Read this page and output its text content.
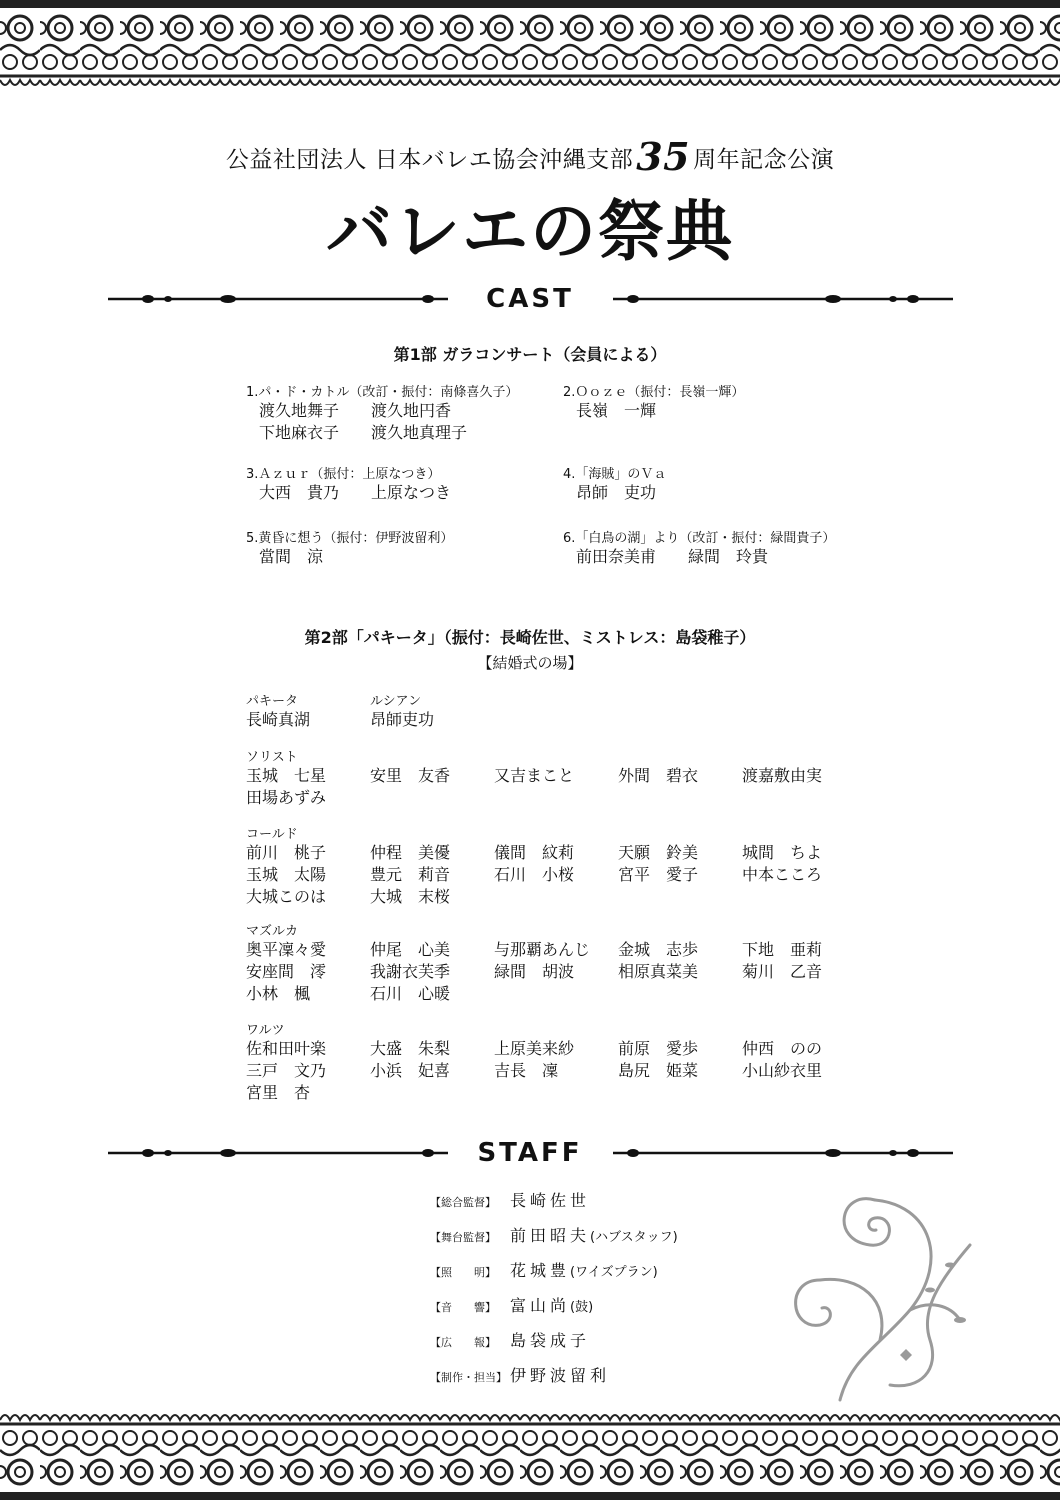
公益社団法人 日本バレエ協会沖縄支部35 周年記念公演
バレエの祭典
CAST
第1部 ガラコンサート（会員による）
1.パ・ド・カトル（改訂・振付：南條喜久子）
渡久地舞子　　渡久地円香
下地麻衣子　　渡久地真理子
2.Ｏｏｚｅ（振付：長嶺一輝）
長嶺　一輝
3.Ａｚｕｒ（振付：上原なつき）
大西　貴乃　　上原なつき
4.「海賊」のＶａ
昂師　吏功
5.黄昏に想う（振付：伊野波留利）
當間　涼
6.「白鳥の湖」より（改訂・振付：緑間貴子）
前田奈美甫　　緑間　玲貴
第2部「パキータ」（振付：長崎佐世、ミストレス：島袋稚子）
【結婚式の場】
パキータ
長崎真湖
ルシアン
昂師吏功
ソリスト
玉城　七星	安里　友香	又吉まこと	外間　碧衣	渡嘉敷由実
田場あずみ
コールド
前川　桃子	仲程　美優	儀間　紋莉	天願　鈴美	城間　ちよ
玉城　太陽	豊元　莉音	石川　小桜	宮平　愛子	中本こころ
大城このは	大城　末桜
マズルカ
奥平凜々愛	仲尾　心美	与那覇あんじ	金城　志歩	下地　亜莉
安座間　澪	我謝衣芙季	緑間　胡波	相原真菜美	菊川　乙音
小林　楓	石川　心暖
ワルツ
佐和田叶楽	大盛　朱梨	上原美来紗	前原　愛歩	仲西　のの
三戸　文乃	小浜　妃喜	吉長　凜	島尻　姫菜	小山紗衣里
宮里　杏
STAFF
【総合監督】 長崎佐世
【舞台監督】 前田昭夫(ハブスタッフ)
【照　　明】 花城豊(ワイズプラン)
【音　　響】 富山尚(鼓)
【広　　報】 島袋成子
【制作・担当】 伊野波留利
